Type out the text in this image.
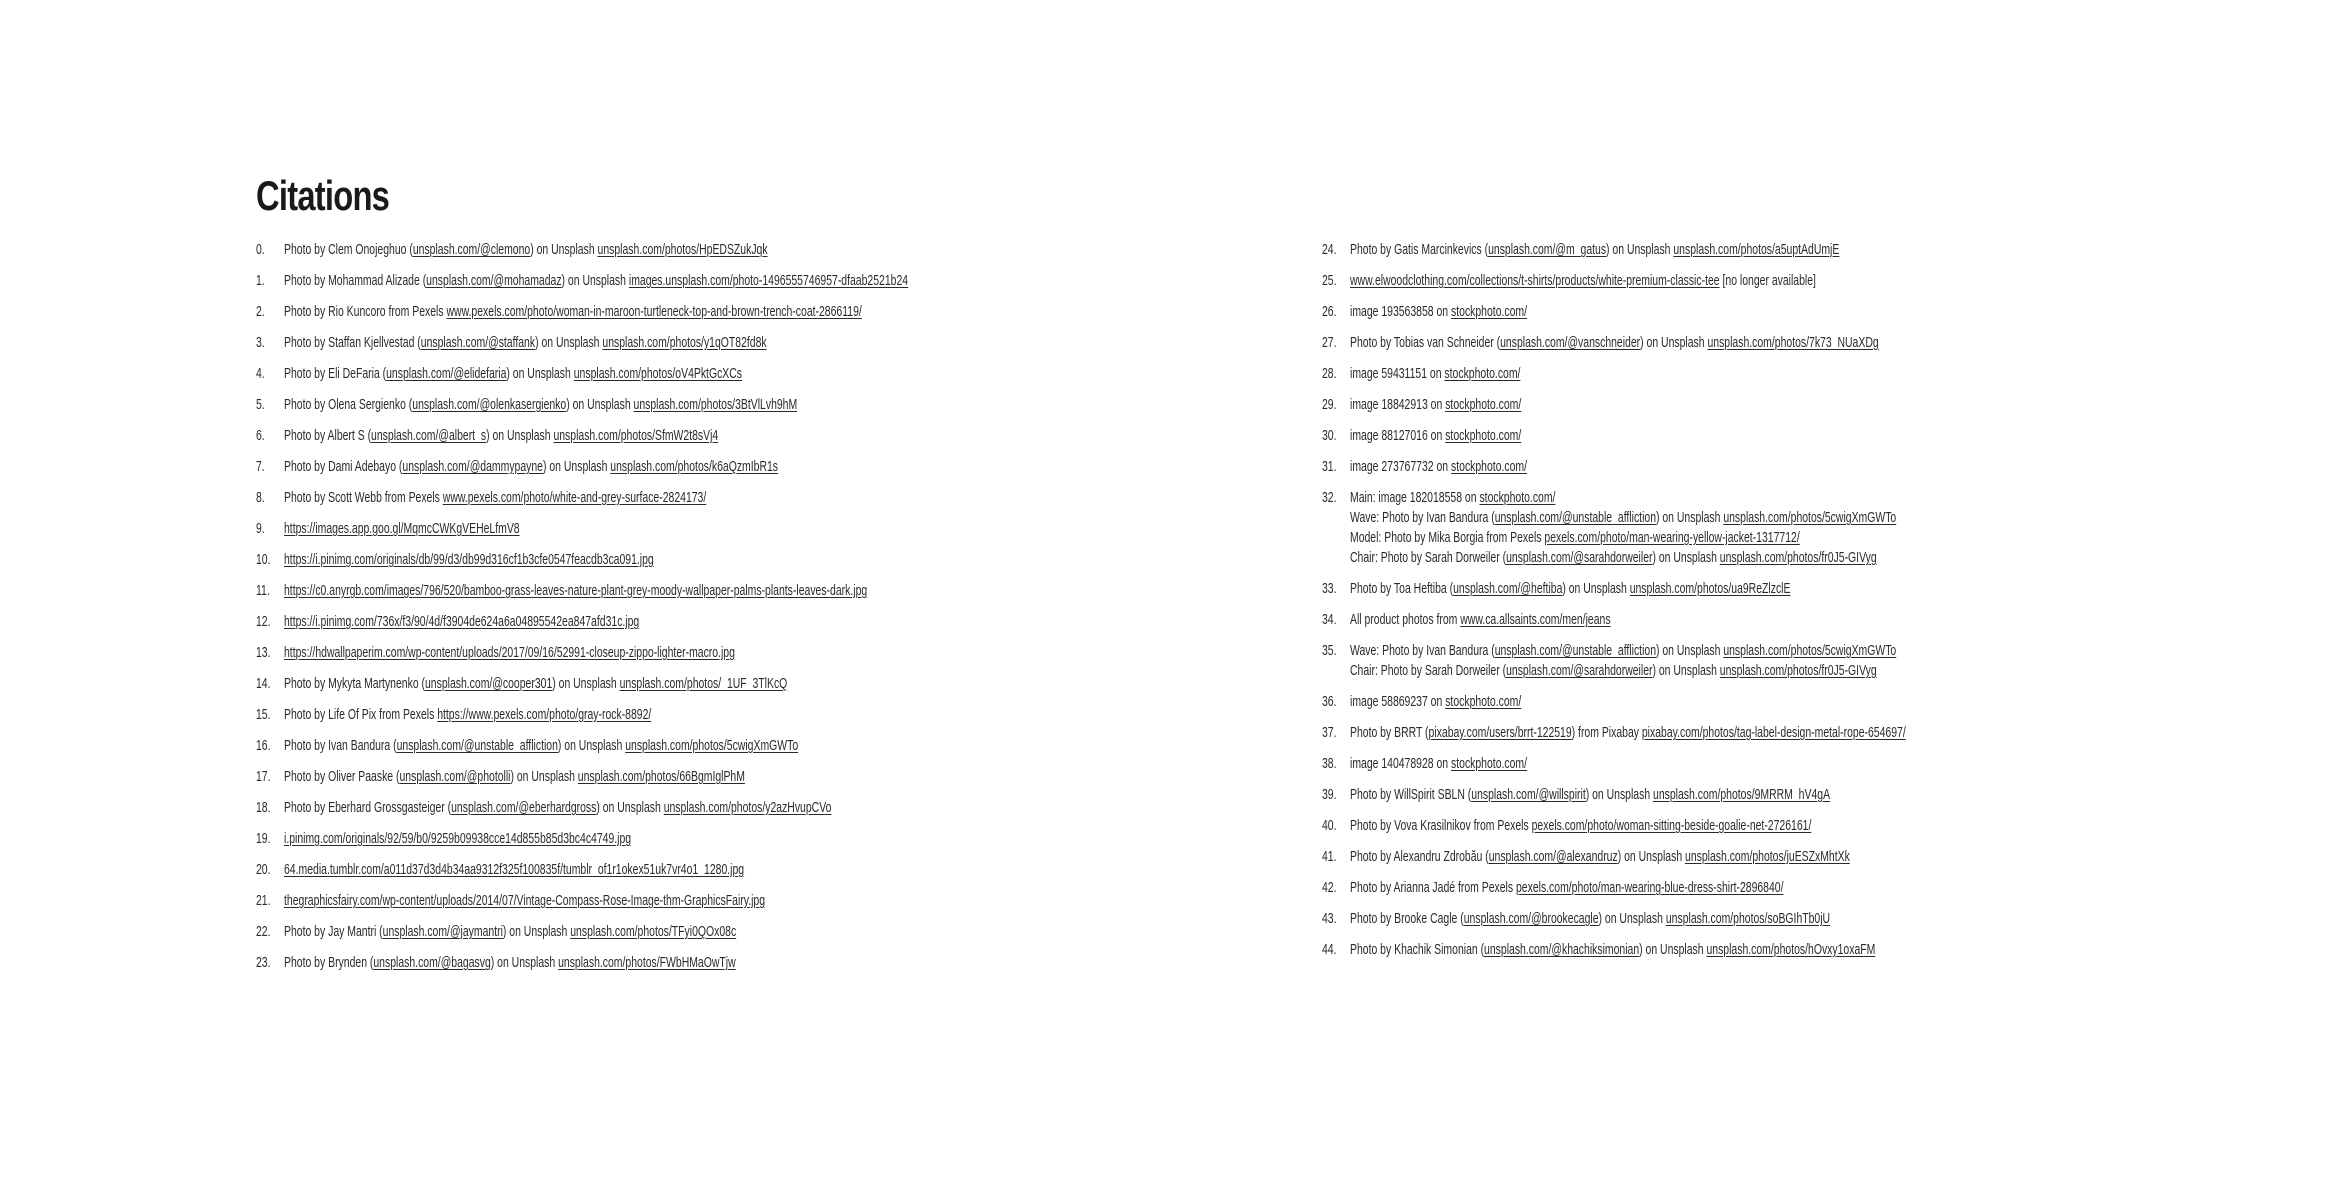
Citations
0. Photo by Clem Onojeghuo (unsplash.com/@clemono) on Unsplash unsplash.com/photos/HpEDSZukJqk
1. Photo by Mohammad Alizade (unsplash.com/@mohamadaz) on Unsplash images.unsplash.com/photo-1496555746957-dfaab2521b24
2. Photo by Rio Kuncoro from Pexels www.pexels.com/photo/woman-in-maroon-turtleneck-top-and-brown-trench-coat-2866119/
3. Photo by Staffan Kjellvestad (unsplash.com/@staffank) on Unsplash unsplash.com/photos/y1qOT82fd8k
4. Photo by Eli DeFaria (unsplash.com/@elidefaria) on Unsplash unsplash.com/photos/oV4PktGcXCs
5. Photo by Olena Sergienko (unsplash.com/@olenkasergienko) on Unsplash unsplash.com/photos/3BtVlLvh9hM
6. Photo by Albert S (unsplash.com/@albert_s) on Unsplash unsplash.com/photos/SfmW2t8sVj4
7. Photo by Dami Adebayo (unsplash.com/@dammypayne) on Unsplash unsplash.com/photos/k6aQzmIbR1s
8. Photo by Scott Webb from Pexels www.pexels.com/photo/white-and-grey-surface-2824173/
9. https://images.app.goo.gl/MqmcCWKgVEHeLfmV8
10. https://i.pinimg.com/originals/db/99/d3/db99d316cf1b3cfe0547feacdb3ca091.jpg
11. https://c0.anyrgb.com/images/796/520/bamboo-grass-leaves-nature-plant-grey-moody-wallpaper-palms-plants-leaves-dark.jpg
12. https://i.pinimg.com/736x/f3/90/4d/f3904de624a6a04895542ea847afd31c.jpg
13. https://hdwallpaperim.com/wp-content/uploads/2017/09/16/52991-closeup-zippo-lighter-macro.jpg
14. Photo by Mykyta Martynenko (unsplash.com/@cooper301) on Unsplash unsplash.com/photos/_1UF_3TlKcQ
15. Photo by Life Of Pix from Pexels https://www.pexels.com/photo/gray-rock-8892/
16. Photo by Ivan Bandura (unsplash.com/@unstable_affliction) on Unsplash unsplash.com/photos/5cwigXmGWTo
17. Photo by Oliver Paaske (unsplash.com/@photolli) on Unsplash unsplash.com/photos/66BgmIglPhM
18. Photo by Eberhard Grossgasteiger (unsplash.com/@eberhardgross) on Unsplash unsplash.com/photos/y2azHvupCVo
19. i.pinimg.com/originals/92/59/b0/9259b09938cce14d855b85d3bc4c4749.jpg
20. 64.media.tumblr.com/a011d37d3d4b34aa9312f325f100835f/tumblr_of1r1okex51uk7vr4o1_1280.jpg
21. thegraphicsfairy.com/wp-content/uploads/2014/07/Vintage-Compass-Rose-Image-thm-GraphicsFairy.jpg
22. Photo by Jay Mantri (unsplash.com/@jaymantri) on Unsplash unsplash.com/photos/TFyi0QOx08c
23. Photo by Brynden (unsplash.com/@bagasvg) on Unsplash unsplash.com/photos/FWbHMaOwTjw
24. Photo by Gatis Marcinkevics (unsplash.com/@m_gatus) on Unsplash unsplash.com/photos/a5uptAdUmjE
25. www.elwoodclothing.com/collections/t-shirts/products/white-premium-classic-tee [no longer available]
26. image 193563858 on stockphoto.com/
27. Photo by Tobias van Schneider (unsplash.com/@vanschneider) on Unsplash unsplash.com/photos/7k73_NUaXDg
28. image 59431151 on stockphoto.com/
29. image 18842913 on stockphoto.com/
30. image 88127016 on stockphoto.com/
31. image 273767732 on stockphoto.com/
32. Main: image 182018558 on stockphoto.com/
Wave: Photo by Ivan Bandura (unsplash.com/@unstable_affliction) on Unsplash unsplash.com/photos/5cwigXmGWTo
Model: Photo by Mika Borgia from Pexels pexels.com/photo/man-wearing-yellow-jacket-1317712/
Chair: Photo by Sarah Dorweiler (unsplash.com/@sarahdorweiler) on Unsplash unsplash.com/photos/fr0J5-GIVyg
33. Photo by Toa Heftiba (unsplash.com/@heftiba) on Unsplash unsplash.com/photos/ua9ReZlzclE
34. All product photos from www.ca.allsaints.com/men/jeans
35. Wave: Photo by Ivan Bandura (unsplash.com/@unstable_affliction) on Unsplash unsplash.com/photos/5cwigXmGWTo
Chair: Photo by Sarah Dorweiler (unsplash.com/@sarahdorweiler) on Unsplash unsplash.com/photos/fr0J5-GIVyg
36. image 58869237 on stockphoto.com/
37. Photo by BRRT (pixabay.com/users/brrt-122519) from Pixabay pixabay.com/photos/tag-label-design-metal-rope-654697/
38. image 140478928 on stockphoto.com/
39. Photo by WillSpirit SBLN (unsplash.com/@willspirit) on Unsplash unsplash.com/photos/9MRRM_hV4gA
40. Photo by Vova Krasilnikov from Pexels pexels.com/photo/woman-sitting-beside-goalie-net-2726161/
41. Photo by Alexandru Zdrobău (unsplash.com/@alexandruz) on Unsplash unsplash.com/photos/juESZxMhtXk
42. Photo by Arianna Jadé from Pexels pexels.com/photo/man-wearing-blue-dress-shirt-2896840/
43. Photo by Brooke Cagle (unsplash.com/@brookecagle) on Unsplash unsplash.com/photos/soBGIhTb0jU
44. Photo by Khachik Simonian (unsplash.com/@khachiksimonian) on Unsplash unsplash.com/photos/hOvxy1oxaFM
